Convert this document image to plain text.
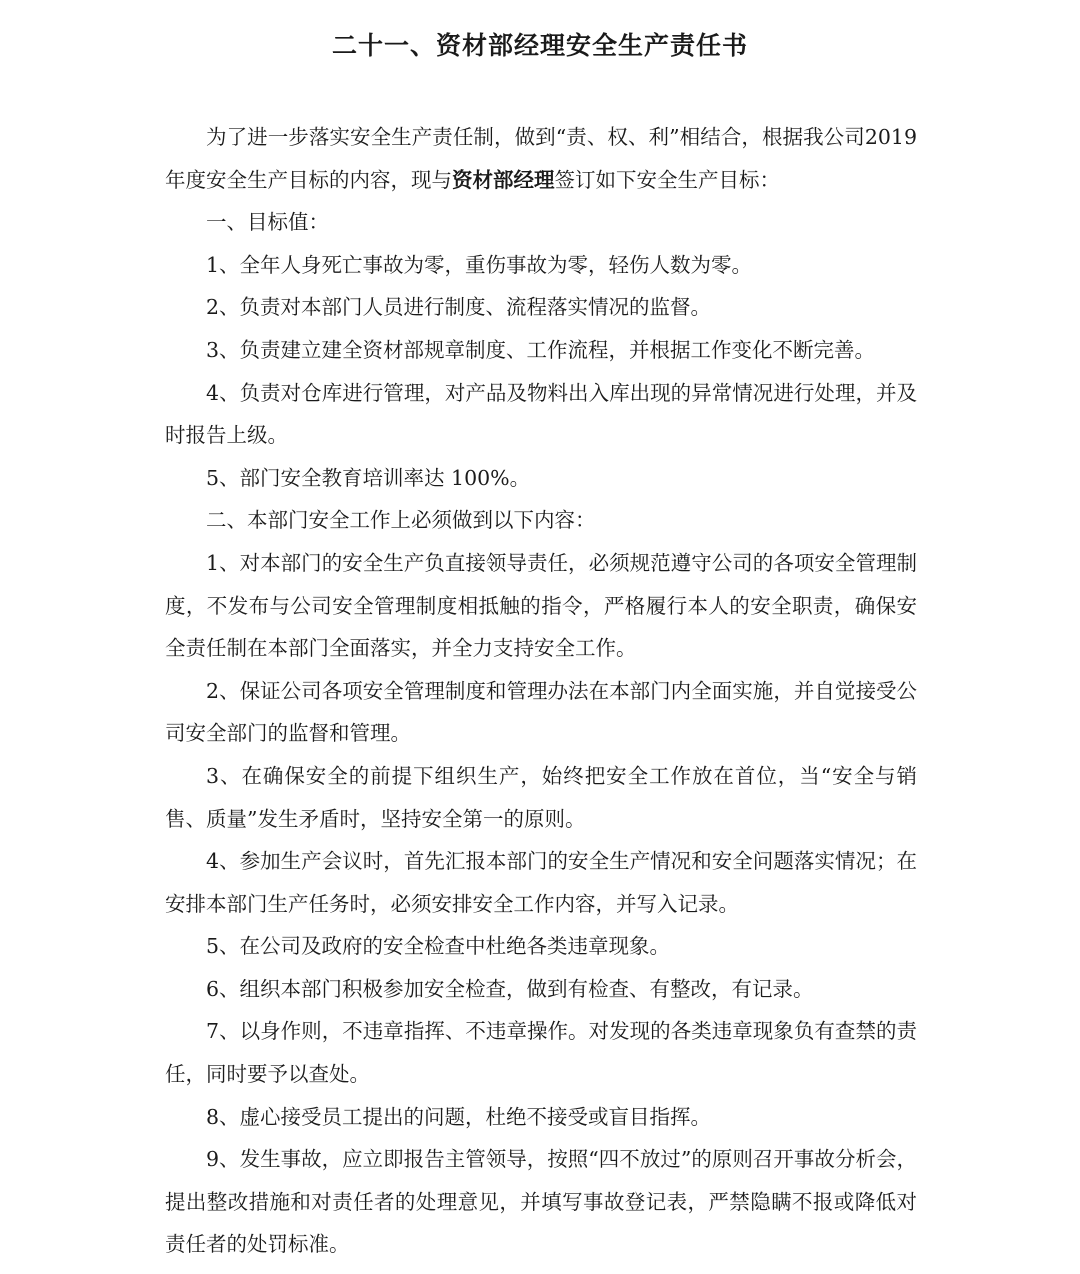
二十一、资材部经理安全生产责任书

为了进一步落实安全生产责任制，做到“责、权、利”相结合，根据我公司2019年度安全生产目标的内容，现与资材部经理签订如下安全生产目标：

一、目标值：

1、全年人身死亡事故为零，重伤事故为零，轻伤人数为零。

2、负责对本部门人员进行制度、流程落实情况的监督。

3、负责建立建全资材部规章制度、工作流程，并根据工作变化不断完善。

4、负责对仓库进行管理，对产品及物料出入库出现的异常情况进行处理，并及时报告上级。

5、部门安全教育培训率达 100%。

二、本部门安全工作上必须做到以下内容：

1、对本部门的安全生产负直接领导责任，必须规范遵守公司的各项安全管理制度，不发布与公司安全管理制度相抵触的指令，严格履行本人的安全职责，确保安全责任制在本部门全面落实，并全力支持安全工作。

2、保证公司各项安全管理制度和管理办法在本部门内全面实施，并自觉接受公司安全部门的监督和管理。

3、在确保安全的前提下组织生产，始终把安全工作放在首位，当“安全与销售、质量”发生矛盾时，坚持安全第一的原则。

4、参加生产会议时，首先汇报本部门的安全生产情况和安全问题落实情况；在安排本部门生产任务时，必须安排安全工作内容，并写入记录。

5、在公司及政府的安全检查中杜绝各类违章现象。

6、组织本部门积极参加安全检查，做到有检查、有整改，有记录。

7、以身作则，不违章指挥、不违章操作。对发现的各类违章现象负有查禁的责任，同时要予以查处。

8、虚心接受员工提出的问题，杜绝不接受或盲目指挥。

9、发生事故，应立即报告主管领导，按照“四不放过”的原则召开事故分析会，提出整改措施和对责任者的处理意见，并填写事故登记表，严禁隐瞒不报或降低对责任者的处罚标准。
